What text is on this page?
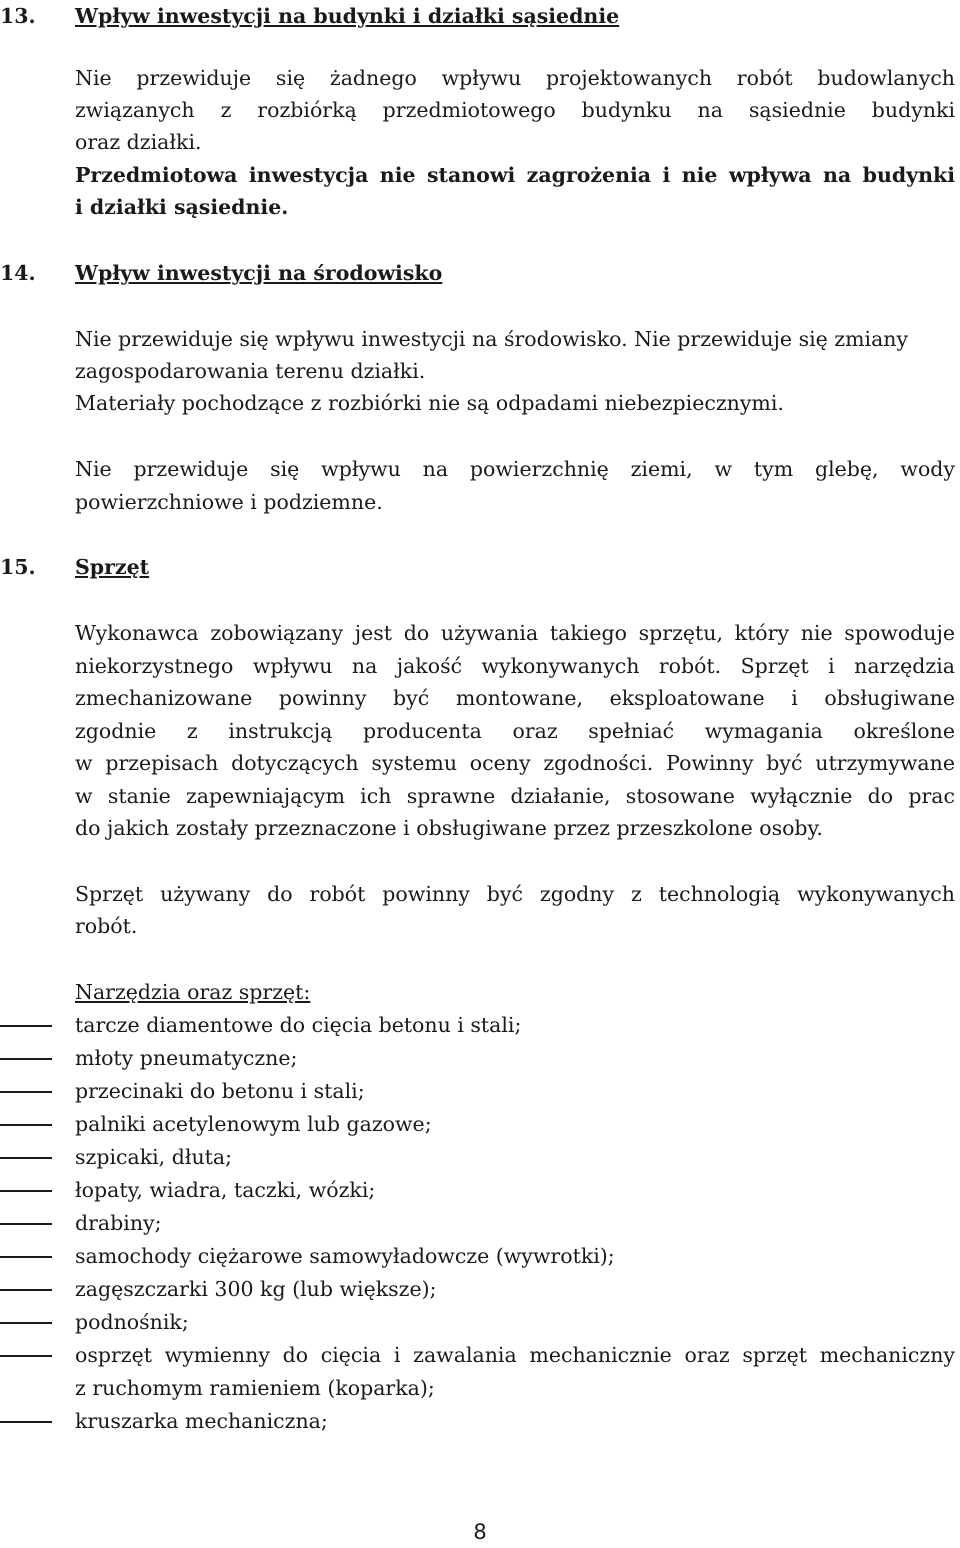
13. Wpływ inwestycji na budynki i działki sąsiednie
Nie przewiduje się żadnego wpływu projektowanych robót budowlanych
związanych z rozbiórką przedmiotowego budynku na sąsiednie budynki
oraz działki.
Przedmiotowa inwestycja nie stanowi zagrożenia i nie wpływa na budynki
i działki sąsiednie.
14. Wpływ inwestycji na środowisko
Nie przewiduje się wpływu inwestycji na środowisko. Nie przewiduje się zmiany
zagospodarowania terenu działki.
Materiały pochodzące z rozbiórki nie są odpadami niebezpiecznymi.
Nie przewiduje się wpływu na powierzchnię ziemi, w tym glebę, wody
powierzchniowe i podziemne.
15. Sprzęt
Wykonawca zobowiązany jest do używania takiego sprzętu, który nie spowoduje
niekorzystnego wpływu na jakość wykonywanych robót. Sprzęt i narzędzia
zmechanizowane powinny być montowane, eksploatowane i obsługiwane
zgodnie z instrukcją producenta oraz spełniać wymagania określone
w przepisach dotyczących systemu oceny zgodności. Powinny być utrzymywane
w stanie zapewniającym ich sprawne działanie, stosowane wyłącznie do prac
do jakich zostały przeznaczone i obsługiwane przez przeszkolone osoby.
Sprzęt używany do robót powinny być zgodny z technologią wykonywanych
robót.
Narzędzia oraz sprzęt:
tarcze diamentowe do cięcia betonu i stali;
młoty pneumatyczne;
przecinaki do betonu i stali;
palniki acetylenowym lub gazowe;
szpicaki, dłuta;
łopaty, wiadra, taczki, wózki;
drabiny;
samochody ciężarowe samowyładowcze (wywrotki);
zagęszczarki 300 kg (lub większe);
podnośnik;
osprzęt wymienny do cięcia i zawalania mechanicznie oraz sprzęt mechaniczny
z ruchomym ramieniem (koparka);
kruszarka mechaniczna;
8
